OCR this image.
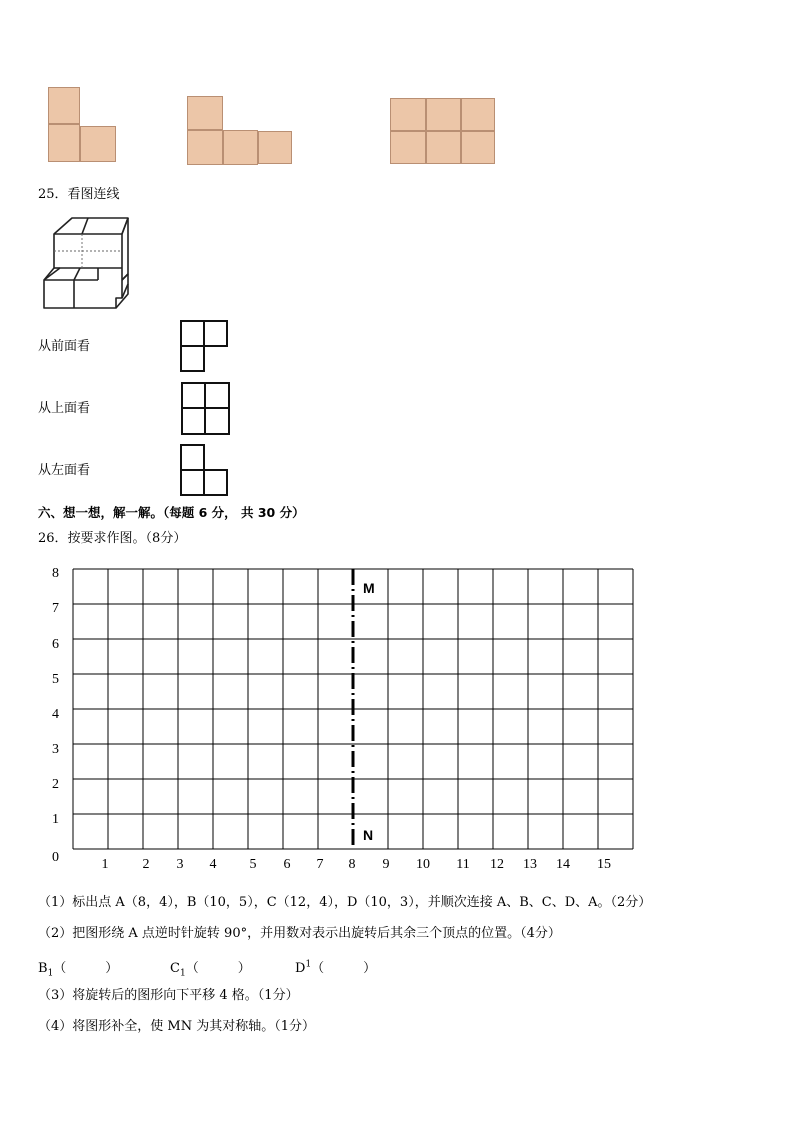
25．看图连线
从前面看
从上面看
从左面看
六、想一想，解一解。（每题 6 分， 共 30 分）
26．按要求作图。（8分）
M
N
0
1
2
3
4
5
6
7
8
1 2 3 4 5 6 7 8 9 10 11 12 13 14 15
（1）标出点 A（8，4），B（10，5），C（12，4），D（10，3），并顺次连接 A、B、C、D、A。（2分）
（2）把图形绕 A 点逆时针旋转 90°，并用数对表示出旋转后其余三个顶点的位置。（4分）
$B_1$（　　　）	$C_1$（　　　）	$D^1$（　　　）
（3）将旋转后的图形向下平移 4 格。（1分）
（4）将图形补全，使 MN 为其对称轴。（1分）
